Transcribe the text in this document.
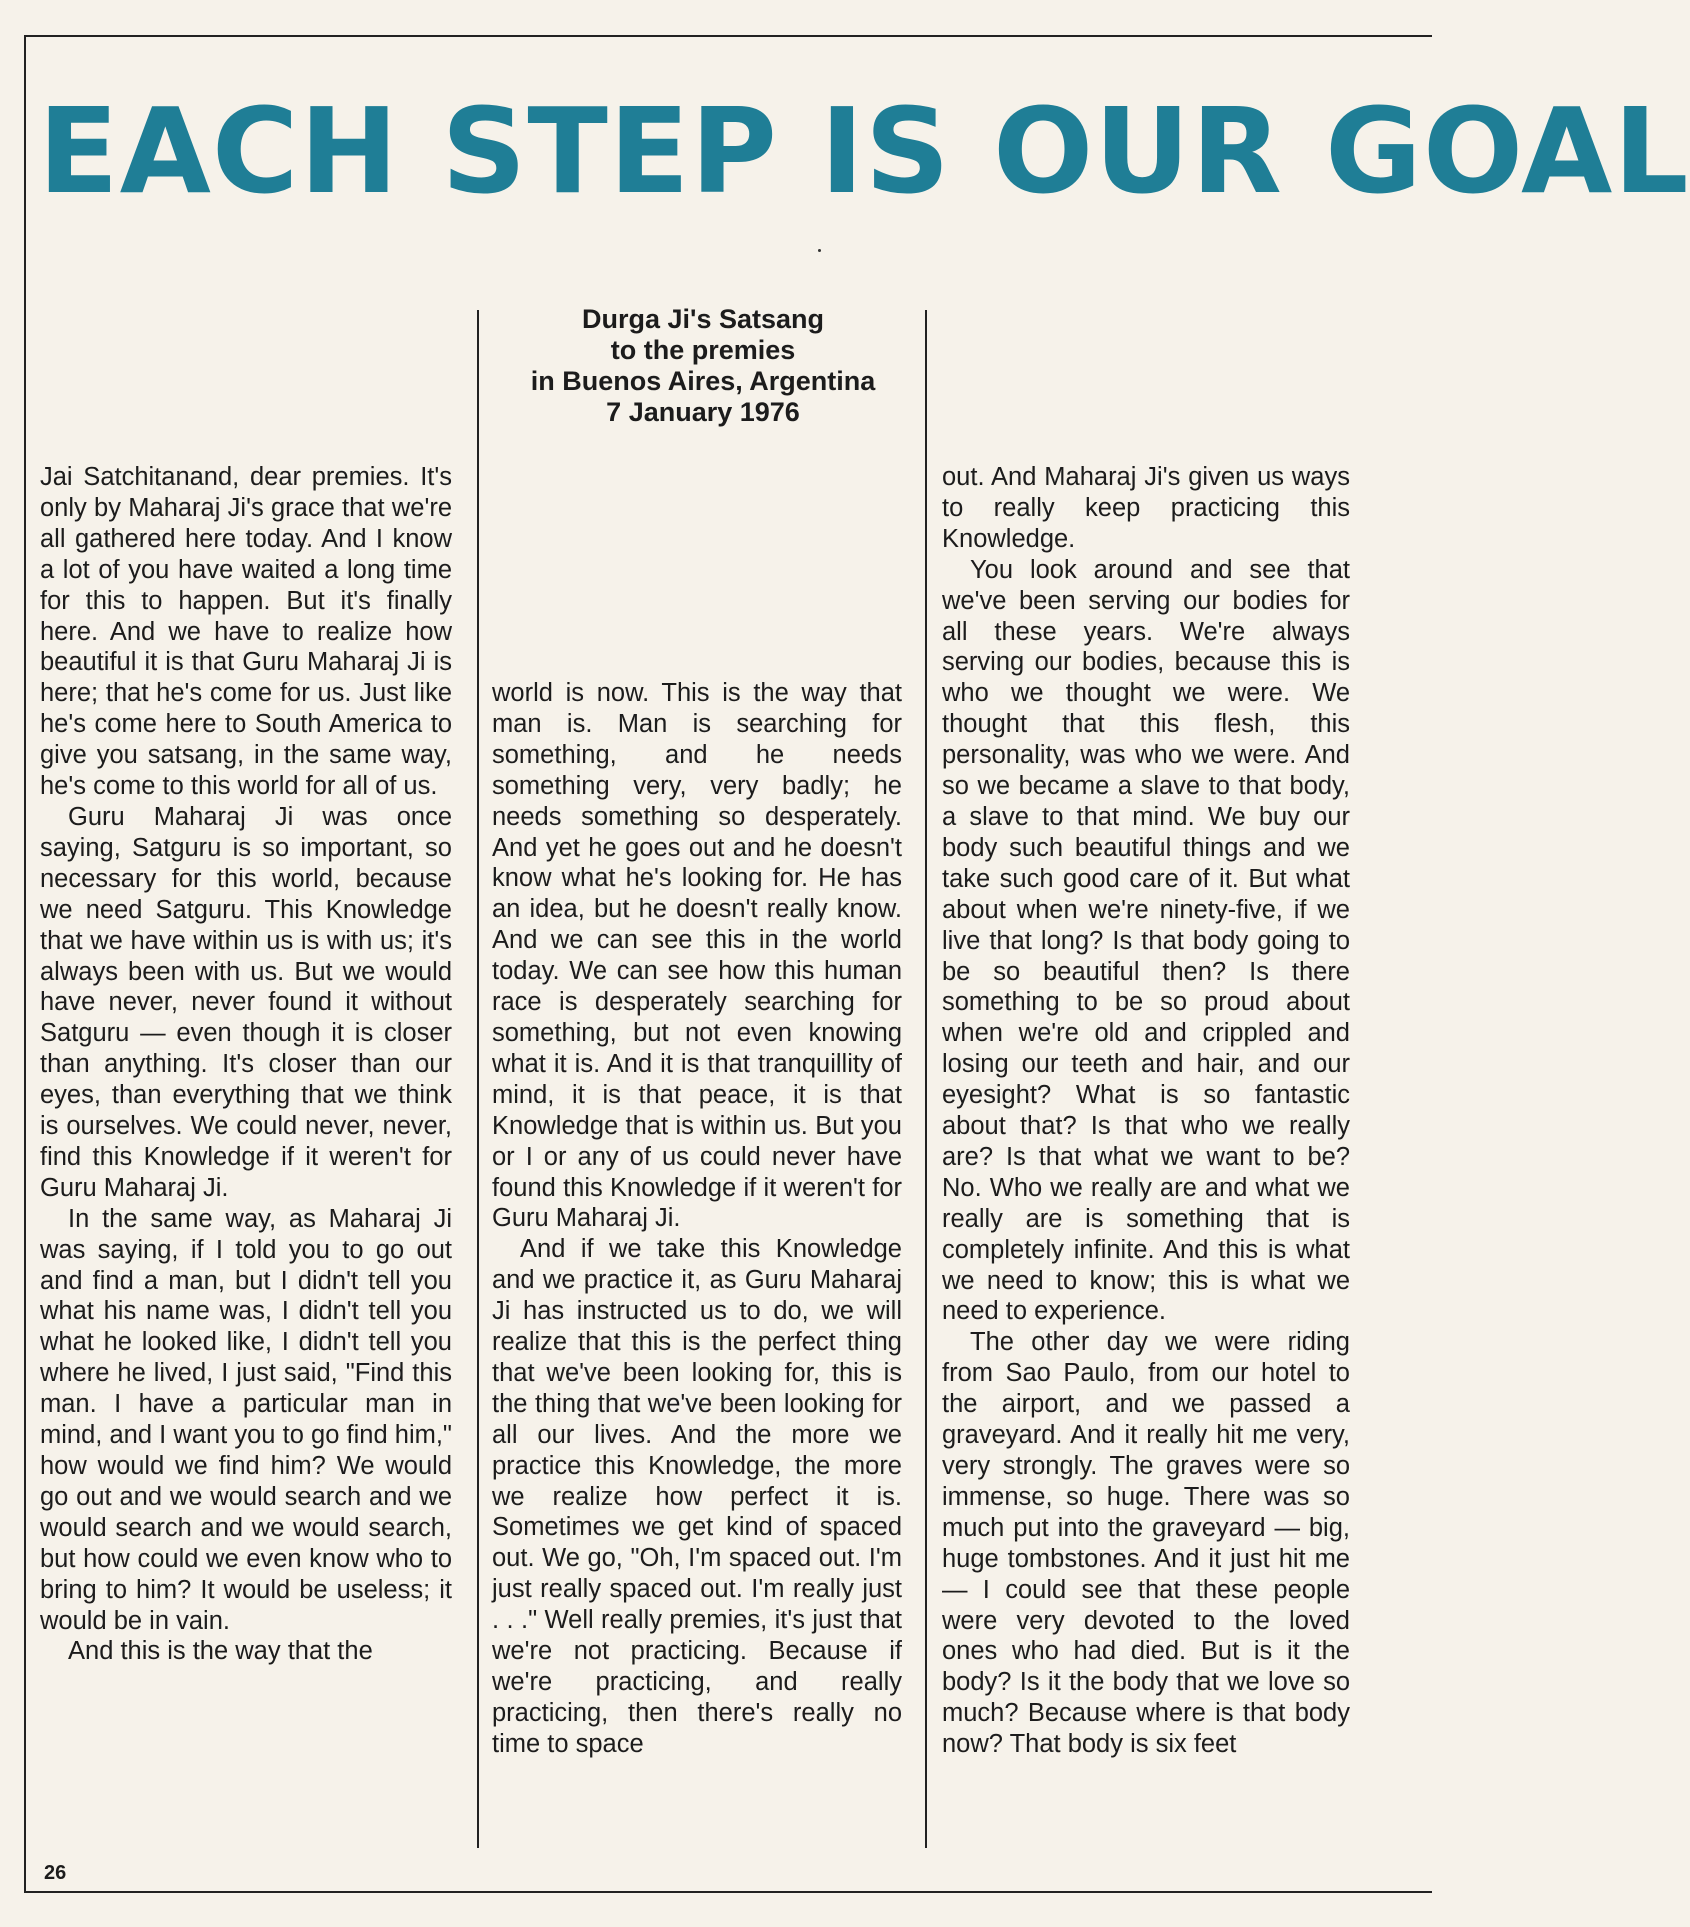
EACH STEP IS OUR GOAL
Durga Ji's Satsang
to the premies
in Buenos Aires, Argentina
7 January 1976

Jai Satchitanand, dear premies. It's only by Maharaj Ji's grace that we're all gathered here today. And I know a lot of you have waited a long time for this to happen. But it's finally here. And we have to realize how beautiful it is that Guru Maharaj Ji is here; that he's come for us. Just like he's come here to South America to give you satsang, in the same way, he's come to this world for all of us.

Guru Maharaj Ji was once saying, Satguru is so important, so necessary for this world, because we need Satguru. This Knowledge that we have within us is with us; it's always been with us. But we would have never, never found it without Satguru — even though it is closer than anything. It's closer than our eyes, than everything that we think is ourselves. We could never, never, find this Knowledge if it weren't for Guru Maharaj Ji.

In the same way, as Maharaj Ji was saying, if I told you to go out and find a man, but I didn't tell you what his name was, I didn't tell you what he looked like, I didn't tell you where he lived, I just said, "Find this man. I have a particular man in mind, and I want you to go find him," how would we find him? We would go out and we would search and we would search and we would search, but how could we even know who to bring to him? It would be useless; it would be in vain.

And this is the way that the

world is now. This is the way that man is. Man is searching for something, and he needs something very, very badly; he needs something so desperately. And yet he goes out and he doesn't know what he's looking for. He has an idea, but he doesn't really know. And we can see this in the world today. We can see how this human race is desperately searching for something, but not even knowing what it is. And it is that tranquillity of mind, it is that peace, it is that Knowledge that is within us. But you or I or any of us could never have found this Knowledge if it weren't for Guru Maharaj Ji.

And if we take this Knowledge and we practice it, as Guru Maharaj Ji has instructed us to do, we will realize that this is the perfect thing that we've been looking for, this is the thing that we've been looking for all our lives. And the more we practice this Knowledge, the more we realize how perfect it is. Sometimes we get kind of spaced out. We go, "Oh, I'm spaced out. I'm just really spaced out. I'm really just . . ." Well really premies, it's just that we're not practicing. Because if we're practicing, and really practicing, then there's really no time to space

out. And Maharaj Ji's given us ways to really keep practicing this Knowledge.

You look around and see that we've been serving our bodies for all these years. We're always serving our bodies, because this is who we thought we were. We thought that this flesh, this personality, was who we were. And so we became a slave to that body, a slave to that mind. We buy our body such beautiful things and we take such good care of it. But what about when we're ninety-five, if we live that long? Is that body going to be so beautiful then? Is there something to be so proud about when we're old and crippled and losing our teeth and hair, and our eyesight? What is so fantastic about that? Is that who we really are? Is that what we want to be? No. Who we really are and what we really are is something that is completely infinite. And this is what we need to know; this is what we need to experience.

The other day we were riding from Sao Paulo, from our hotel to the airport, and we passed a graveyard. And it really hit me very, very strongly. The graves were so immense, so huge. There was so much put into the graveyard — big, huge tombstones. And it just hit me — I could see that these people were very devoted to the loved ones who had died. But is it the body? Is it the body that we love so much? Because where is that body now? That body is six feet

26
